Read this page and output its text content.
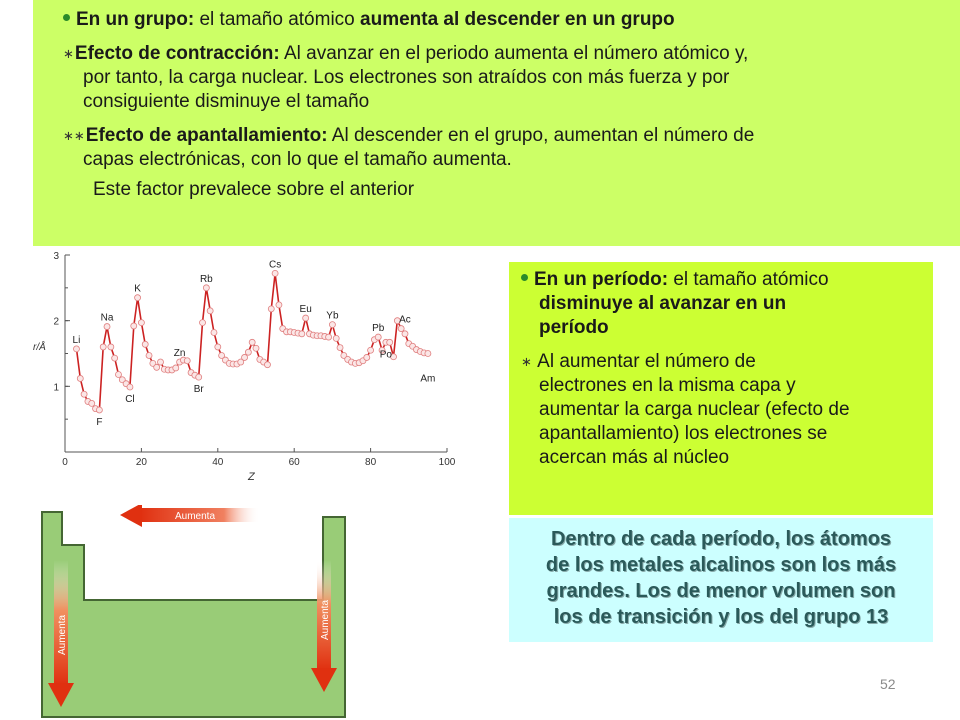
En un grupo: el tamaño atómico aumenta al descender en un grupo
∗Efecto de contracción: Al avanzar en el periodo aumenta el número atómico y,
por tanto, la carga nuclear. Los electrones son atraídos con más fuerza y por
consiguiente disminuye el tamaño
∗∗Efecto de apantallamiento: Al descender en el grupo, aumentan el número de
capas electrónicas, con lo que el tamaño aumenta.
Este factor prevalece sobre el anterior
0	20	40	60	80	100
1
2
3
Z
r/Å
Li
Na
F
K
Cl
Zn
Rb
Br
Cs
Eu
Yb
Pb
Ac
Po
Am
En un período: el tamaño atómico
disminuye al avanzar en un
período
∗ Al aumentar el número de
electrones en la misma capa y
aumentar la carga nuclear (efecto de
apantallamiento) los electrones se
acercan más al núcleo
Dentro de cada período, los átomos
de los metales alcalinos son los más
grandes. Los de menor volumen son
los de transición y los del grupo 13
Aumenta
Aumenta	Aumenta
52
